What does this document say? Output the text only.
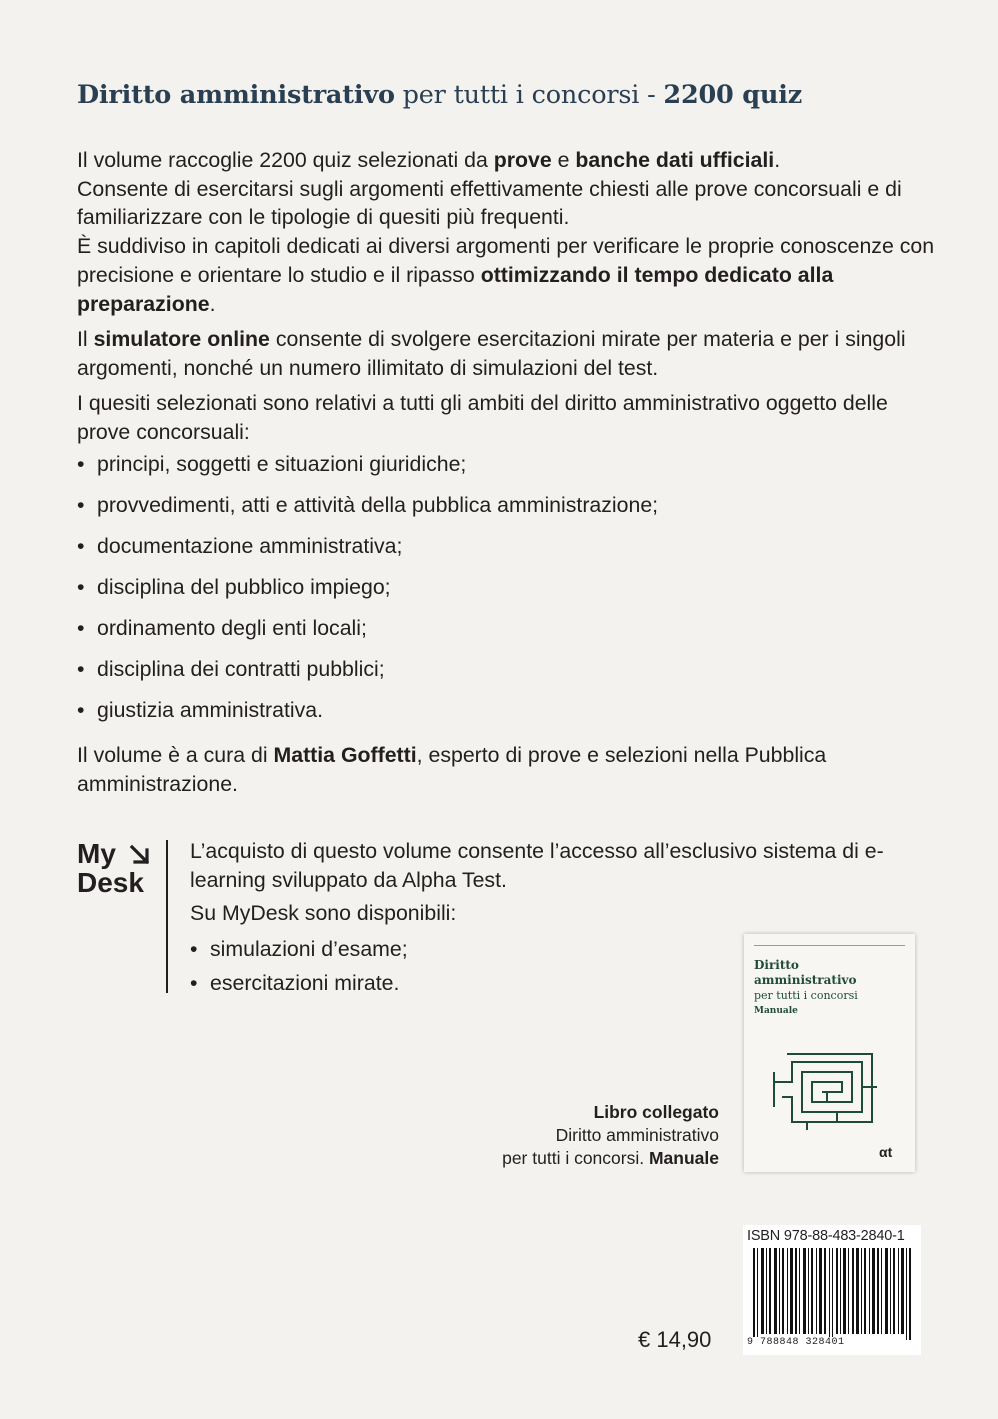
Diritto amministrativo per tutti i concorsi - 2200 quiz

Il volume raccoglie 2200 quiz selezionati da prove e banche dati ufficiali.

Consente di esercitarsi sugli argomenti effettivamente chiesti alle prove concorsuali e di familiarizzare con le tipologie di quesiti più frequenti.

È suddiviso in capitoli dedicati ai diversi argomenti per verificare le proprie conoscenze con precisione e orientare lo studio e il ripasso ottimizzando il tempo dedicato alla preparazione.

Il simulatore online consente di svolgere esercitazioni mirate per materia e per i singoli argomenti, nonché un numero illimitato di simulazioni del test.

I quesiti selezionati sono relativi a tutti gli ambiti del diritto amministrativo oggetto delle prove concorsuali:

• principi, soggetti e situazioni giuridiche;
• provvedimenti, atti e attività della pubblica amministrazione;
• documentazione amministrativa;
• disciplina del pubblico impiego;
• ordinamento degli enti locali;
• disciplina dei contratti pubblici;
• giustizia amministrativa.

Il volume è a cura di Mattia Goffetti, esperto di prove e selezioni nella Pubblica amministrazione.

My
Desk

L’acquisto di questo volume consente l’accesso all’esclusivo sistema di e-learning sviluppato da Alpha Test.

Su MyDesk sono disponibili:

• simulazioni d’esame;
• esercitazioni mirate.
Libro collegato
Diritto amministrativo
per tutti i concorsi. Manuale
Diritto
amministrativo
per tutti i concorsi
Manuale
αt
ISBN 978-88-483-2840-1
9 788848 328401
€ 14,90
